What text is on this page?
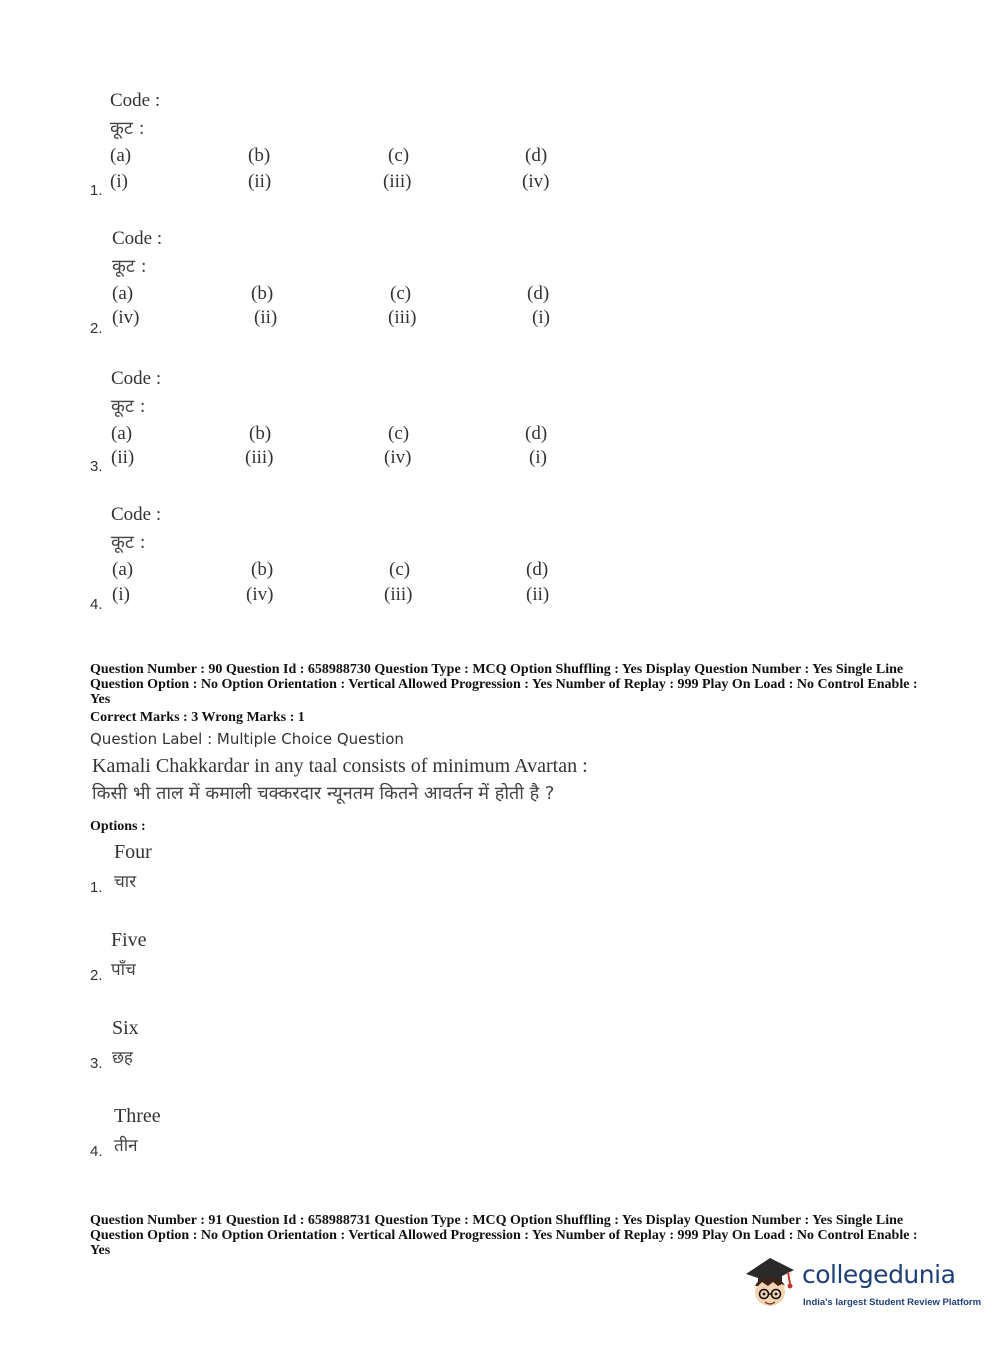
Code :
कूट :
(a)	(b)	(c)	(d)
(i)	(ii)	(iii)	(iv)
1.
Code :
कूट :
(a)	(b)	(c)	(d)
(iv)	(ii)	(iii)	(i)
2.
Code :
कूट :
(a)	(b)	(c)	(d)
(ii)	(iii)	(iv)	(i)
3.
Code :
कूट :
(a)	(b)	(c)	(d)
(i)	(iv)	(iii)	(ii)
4.
Question Number : 90 Question Id : 658988730 Question Type : MCQ Option Shuffling : Yes Display Question Number : Yes Single Line Question Option : No Option Orientation : Vertical Allowed Progression : Yes Number of Replay : 999 Play On Load : No Control Enable : Yes
Correct Marks : 3 Wrong Marks : 1
Question Label : Multiple Choice Question
Kamali Chakkardar in any taal consists of minimum Avartan :
किसी भी ताल में कमाली चक्करदार न्यूनतम कितने आवर्तन में होती है ?
Options :
Four
चार
1.
Five
पाँच
2.
Six
छह
3.
Three
तीन
4.
Question Number : 91 Question Id : 658988731 Question Type : MCQ Option Shuffling : Yes Display Question Number : Yes Single Line Question Option : No Option Orientation : Vertical Allowed Progression : Yes Number of Replay : 999 Play On Load : No Control Enable : Yes
collegedunia
India's largest Student Review Platform
